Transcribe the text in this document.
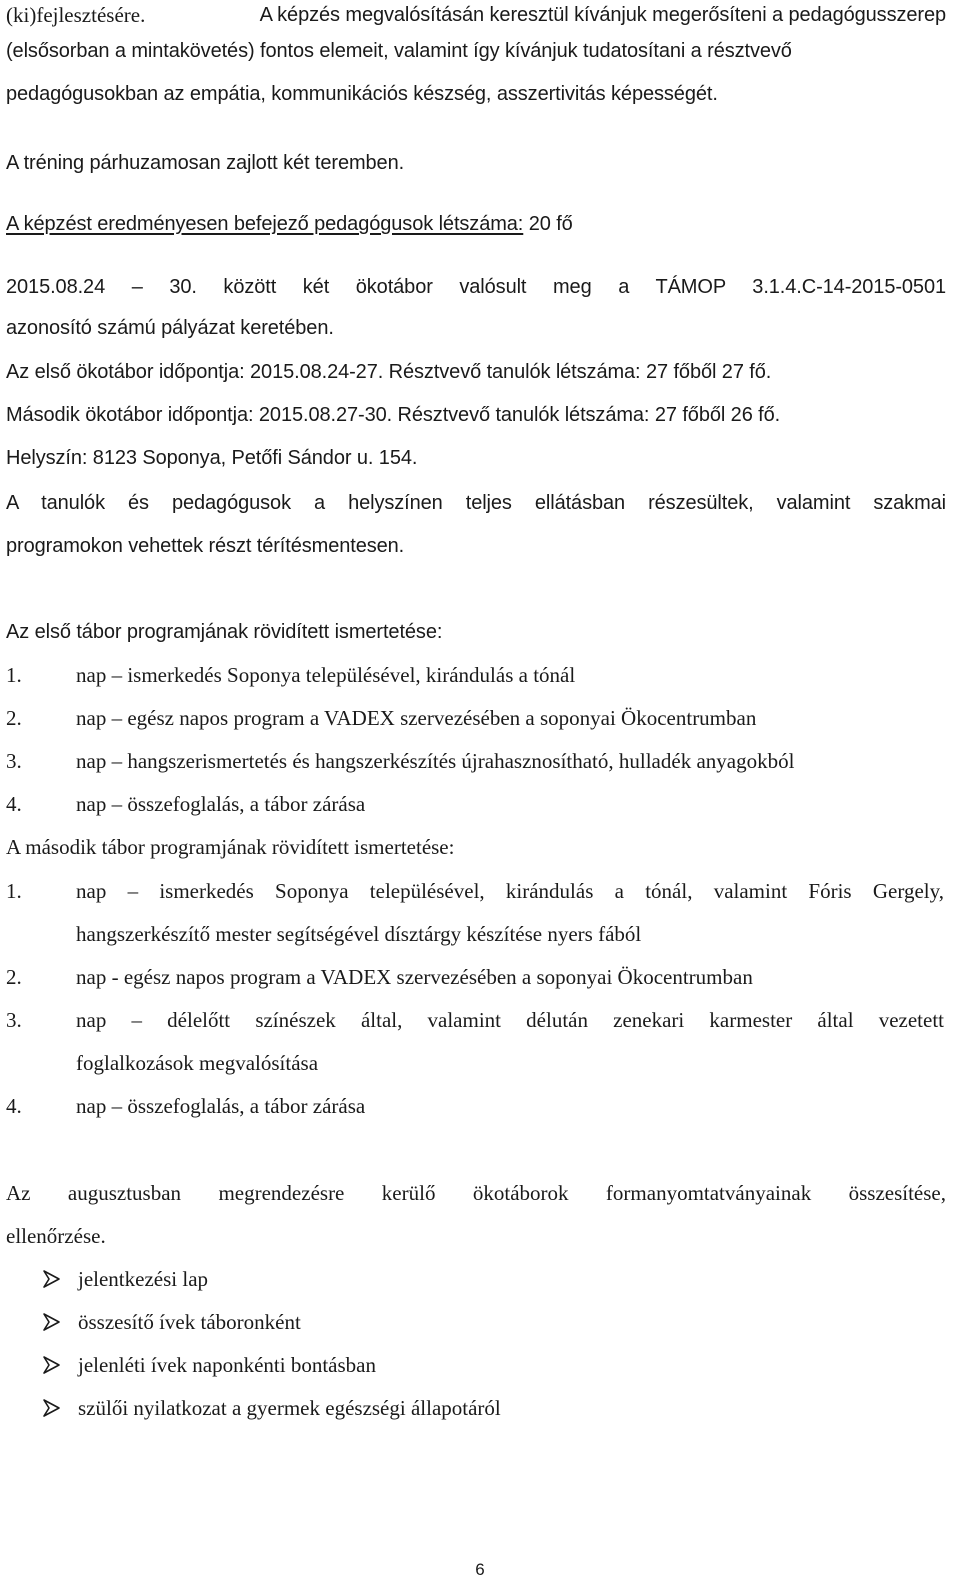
(ki)fejlesztésére.	A képzés megvalósításán keresztül kívánjuk megerősíteni a pedagógusszerep
(elsősorban a mintakövetés) fontos elemeit, valamint így kívánjuk tudatosítani a résztvevő
pedagógusokban az empátia, kommunikációs készség, asszertivitás képességét.
A tréning párhuzamosan zajlott két teremben.
A képzést eredményesen befejező pedagógusok létszáma: 20 fő
2015.08.24 – 30. között két ökotábor valósult meg a TÁMOP 3.1.4.C-14-2015-0501
azonosító számú pályázat keretében.
Az első ökotábor időpontja: 2015.08.24-27. Résztvevő tanulók létszáma: 27 főből 27 fő.
Második ökotábor időpontja: 2015.08.27-30. Résztvevő tanulók létszáma: 27 főből 26 fő.
Helyszín: 8123 Soponya, Petőfi Sándor u. 154.
A tanulók és pedagógusok a helyszínen teljes ellátásban részesültek, valamint szakmai
programokon vehettek részt térítésmentesen.
Az első tábor programjának rövidített ismertetése:
1.	nap – ismerkedés Soponya településével, kirándulás a tónál
2.	nap – egész napos program a VADEX szervezésében a soponyai Ökocentrumban
3.	nap – hangszerismertetés és hangszerkészítés újrahasznosítható, hulladék anyagokból
4.	nap – összefoglalás, a tábor zárása
A második tábor programjának rövidített ismertetése:
1.	nap – ismerkedés Soponya településével, kirándulás a tónál, valamint Fóris Gergely,
hangszerkészítő mester segítségével dísztárgy készítése nyers fából
2.	nap - egész napos program a VADEX szervezésében a soponyai Ökocentrumban
3.	nap – délelőtt színészek által, valamint délután zenekari karmester által vezetett
foglalkozások megvalósítása
4.	nap – összefoglalás, a tábor zárása
Az augusztusban megrendezésre kerülő ökotáborok formanyomtatványainak összesítése,
ellenőrzése.
jelentkezési lap
összesítő ívek táboronként
jelenléti ívek naponkénti bontásban
szülői nyilatkozat a gyermek egészségi állapotáról
6
